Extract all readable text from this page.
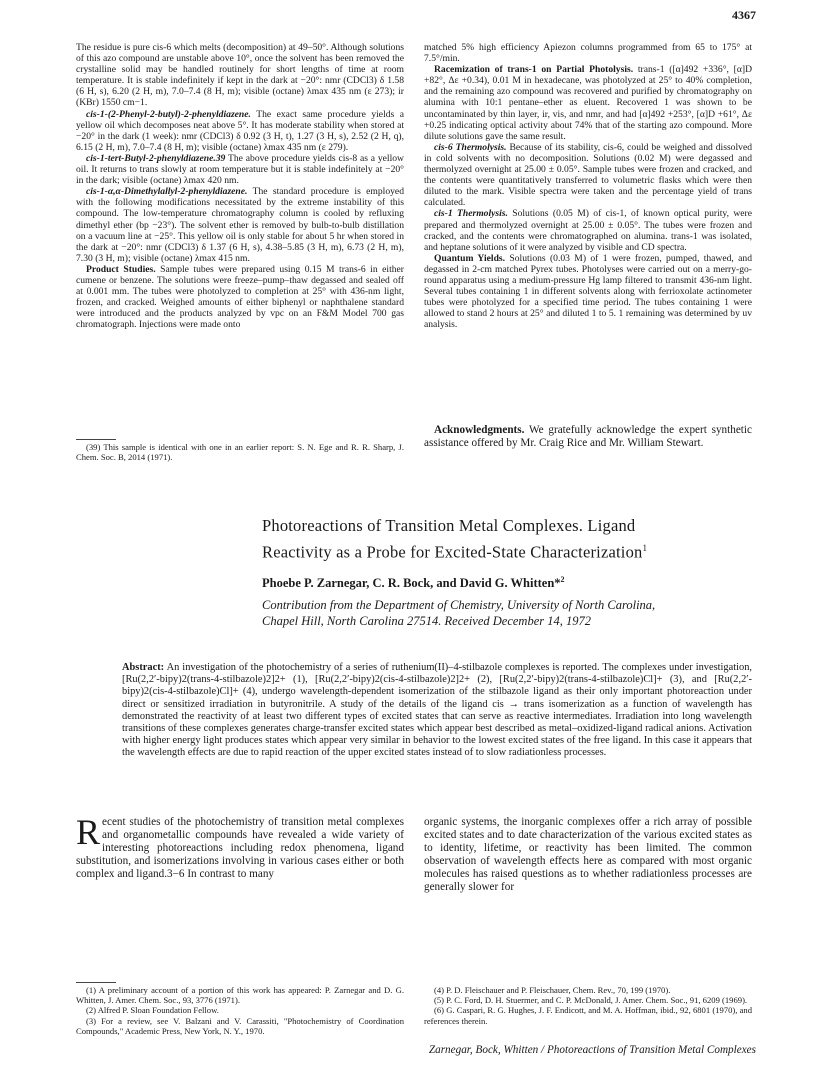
4367

The residue is pure cis-6 which melts (decomposition) at 49–50°. Although solutions of this azo compound are unstable above 10°, once the solvent has been removed the crystalline solid may be handled routinely for short lengths of time at room temperature. It is stable indefinitely if kept in the dark at −20°: nmr (CDCl3) δ 1.58 (6 H, s), 6.20 (2 H, m), 7.0–7.4 (8 H, m); visible (octane) λmax 435 nm (ε 273); ir (KBr) 1550 cm−1.

cis-1-(2-Phenyl-2-butyl)-2-phenyldiazene. The exact same procedure yields a yellow oil which decomposes neat above 5°. It has moderate stability when stored at −20° in the dark (1 week): nmr (CDCl3) δ 0.92 (3 H, t), 1.27 (3 H, s), 2.52 (2 H, q), 6.15 (2 H, m), 7.0–7.4 (8 H, m); visible (octane) λmax 435 nm (ε 279).

cis-1-tert-Butyl-2-phenyldiazene.39 The above procedure yields cis-8 as a yellow oil. It returns to trans slowly at room temperature but it is stable indefinitely at −20° in the dark; visible (octane) λmax 420 nm.

cis-1-α,α-Dimethylallyl-2-phenyldiazene. The standard procedure is employed with the following modifications necessitated by the extreme instability of this compound. The low-temperature chromatography column is cooled by refluxing dimethyl ether (bp −23°). The solvent ether is removed by bulb-to-bulb distillation on a vacuum line at −25°. This yellow oil is only stable for about 5 hr when stored in the dark at −20°: nmr (CDCl3) δ 1.37 (6 H, s), 4.38–5.85 (3 H, m), 6.73 (2 H, m), 7.30 (3 H, m); visible (octane) λmax 415 nm.

Product Studies. Sample tubes were prepared using 0.15 M trans-6 in either cumene or benzene. The solutions were freeze–pump–thaw degassed and sealed off at 0.001 mm. The tubes were photolyzed to completion at 25° with 436-nm light, frozen, and cracked. Weighed amounts of either biphenyl or naphthalene standard were introduced and the products analyzed by vpc on an F&M Model 700 gas chromatograph. Injections were made onto

(39) This sample is identical with one in an earlier report: S. N. Ege and R. R. Sharp, J. Chem. Soc. B, 2014 (1971).

matched 5% high efficiency Apiezon columns programmed from 65 to 175° at 7.5°/min.

Racemization of trans-1 on Partial Photolysis. trans-1 ([α]492 +336°, [α]D +82°, Δε +0.34), 0.01 M in hexadecane, was photolyzed at 25° to 40% completion, and the remaining azo compound was recovered and purified by chromatography on alumina with 10:1 pentane–ether as eluent. Recovered 1 was shown to be uncontaminated by thin layer, ir, vis, and nmr, and had [α]492 +253°, [α]D +61°, Δε +0.25 indicating optical activity about 74% that of the starting azo compound. More dilute solutions gave the same result.

cis-6 Thermolysis. Because of its stability, cis-6, could be weighed and dissolved in cold solvents with no decomposition. Solutions (0.02 M) were degassed and thermolyzed overnight at 25.00 ± 0.05°. Sample tubes were frozen and cracked, and the contents were quantitatively transferred to volumetric flasks which were then diluted to the mark. Visible spectra were taken and the percentage yield of trans calculated.

cis-1 Thermolysis. Solutions (0.05 M) of cis-1, of known optical purity, were prepared and thermolyzed overnight at 25.00 ± 0.05°. The tubes were frozen and cracked, and the contents were chromatographed on alumina. trans-1 was isolated, and heptane solutions of it were analyzed by visible and CD spectra.

Quantum Yields. Solutions (0.03 M) of 1 were frozen, pumped, thawed, and degassed in 2-cm matched Pyrex tubes. Photolyses were carried out on a merry-go-round apparatus using a medium-pressure Hg lamp filtered to transmit 436-nm light. Several tubes containing 1 in different solvents along with ferrioxolate actinometer tubes were photolyzed for a specified time period. The tubes containing 1 were allowed to stand 2 hours at 25° and diluted 1 to 5. 1 remaining was determined by uv analysis.

Acknowledgments. We gratefully acknowledge the expert synthetic assistance offered by Mr. Craig Rice and Mr. William Stewart.

Photoreactions of Transition Metal Complexes. Ligand

Reactivity as a Probe for Excited-State Characterization$^1$

Phoebe P. Zarnegar, C. R. Bock, and David G. Whitten*$^2$

Contribution from the Department of Chemistry, University of North Carolina,

Chapel Hill, North Carolina 27514. Received December 14, 1972

Abstract: An investigation of the photochemistry of a series of ruthenium(II)–4-stilbazole complexes is reported. The complexes under investigation, [Ru(2,2′-bipy)2(trans-4-stilbazole)2]2+ (1), [Ru(2,2′-bipy)2(cis-4-stilbazole)2]2+ (2), [Ru(2,2′-bipy)2(trans-4-stilbazole)Cl]+ (3), and [Ru(2,2′-bipy)2(cis-4-stilbazole)Cl]+ (4), undergo wavelength-dependent isomerization of the stilbazole ligand as their only important photoreaction under direct or sensitized irradiation in butyronitrile. A study of the details of the ligand cis → trans isomerization as a function of wavelength has demonstrated the reactivity of at least two different types of excited states that can serve as reactive intermediates. Irradiation into long wavelength transitions of these complexes generates charge-transfer excited states which appear best described as metal–oxidized-ligand radical anions. Activation with higher energy light produces states which appear very similar in behavior to the lowest excited states of the free ligand. In this case it appears that the wavelength effects are due to rapid reaction of the upper excited states instead of to slow radiationless processes.

Recent studies of the photochemistry of transition metal complexes and organometallic compounds have revealed a wide variety of interesting photoreactions including redox phenomena, ligand substitution, and isomerizations involving in various cases either or both complex and ligand.3−6 In contrast to many

organic systems, the inorganic complexes offer a rich array of possible excited states and to date characterization of the various excited states as to identity, lifetime, or reactivity has been limited. The common observation of wavelength effects here as compared with most organic molecules has raised questions as to whether radiationless processes are generally slower for

(1) A preliminary account of a portion of this work has appeared: P. Zarnegar and D. G. Whitten, J. Amer. Chem. Soc., 93, 3776 (1971).

(2) Alfred P. Sloan Foundation Fellow.

(3) For a review, see V. Balzani and V. Carassiti, "Photochemistry of Coordination Compounds," Academic Press, New York, N. Y., 1970.

(4) P. D. Fleischauer and P. Fleischauer, Chem. Rev., 70, 199 (1970).

(5) P. C. Ford, D. H. Stuermer, and C. P. McDonald, J. Amer. Chem. Soc., 91, 6209 (1969).

(6) G. Caspari, R. G. Hughes, J. F. Endicott, and M. A. Hoffman, ibid., 92, 6801 (1970), and references therein.

Zarnegar, Bock, Whitten / Photoreactions of Transition Metal Complexes
